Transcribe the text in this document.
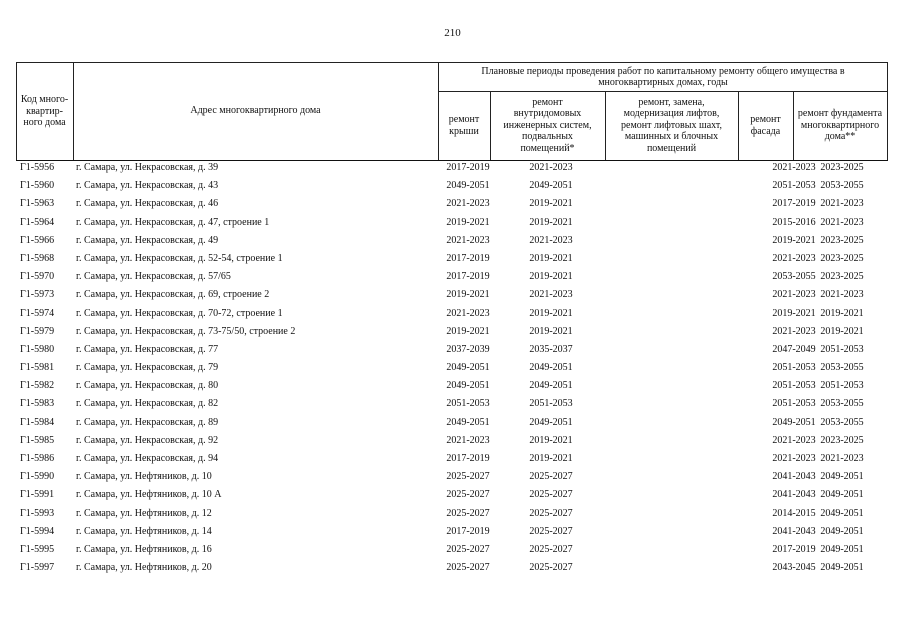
210
Код много-
квартир-
ного дома
Адрес многоквартирного дома
Плановые периоды проведения работ по капитальному ремонту общего имущества в многоквартирных домах, годы
ремонт
крыши
ремонт
внутридомовых
инженерных систем,
подвальных
помещений*
ремонт, замена,
модернизация лифтов,
ремонт лифтовых шахт,
машинных и блочных
помещений
ремонт
фасада
ремонт фундамента
многоквартирного
дома**
Г1-5956 г. Самара, ул. Некрасовская, д. 39	2017-2019	2021-2023	2021-2023 2023-2025
Г1-5960 г. Самара, ул. Некрасовская, д. 43	2049-2051	2049-2051	2051-2053 2053-2055
Г1-5963 г. Самара, ул. Некрасовская, д. 46	2021-2023	2019-2021	2017-2019 2021-2023
Г1-5964 г. Самара, ул. Некрасовская, д. 47, строение 1	2019-2021	2019-2021	2015-2016 2021-2023
Г1-5966 г. Самара, ул. Некрасовская, д. 49	2021-2023	2021-2023	2019-2021 2023-2025
Г1-5968 г. Самара, ул. Некрасовская, д. 52-54, строение 1	2017-2019	2019-2021	2021-2023 2023-2025
Г1-5970 г. Самара, ул. Некрасовская, д. 57/65	2017-2019	2019-2021	2053-2055 2023-2025
Г1-5973 г. Самара, ул. Некрасовская, д. 69, строение 2	2019-2021	2021-2023	2021-2023 2021-2023
Г1-5974 г. Самара, ул. Некрасовская, д. 70-72, строение 1	2021-2023	2019-2021	2019-2021 2019-2021
Г1-5979 г. Самара, ул. Некрасовская, д. 73-75/50, строение 2	2019-2021	2019-2021	2021-2023 2019-2021
Г1-5980 г. Самара, ул. Некрасовская, д. 77	2037-2039	2035-2037	2047-2049 2051-2053
Г1-5981 г. Самара, ул. Некрасовская, д. 79	2049-2051	2049-2051	2051-2053 2053-2055
Г1-5982 г. Самара, ул. Некрасовская, д. 80	2049-2051	2049-2051	2051-2053 2051-2053
Г1-5983 г. Самара, ул. Некрасовская, д. 82	2051-2053	2051-2053	2051-2053 2053-2055
Г1-5984 г. Самара, ул. Некрасовская, д. 89	2049-2051	2049-2051	2049-2051 2053-2055
Г1-5985 г. Самара, ул. Некрасовская, д. 92	2021-2023	2019-2021	2021-2023 2023-2025
Г1-5986 г. Самара, ул. Некрасовская, д. 94	2017-2019	2019-2021	2021-2023 2021-2023
Г1-5990 г. Самара, ул. Нефтяников, д. 10	2025-2027	2025-2027	2041-2043 2049-2051
Г1-5991 г. Самара, ул. Нефтяников, д. 10 А	2025-2027	2025-2027	2041-2043 2049-2051
Г1-5993 г. Самара, ул. Нефтяников, д. 12	2025-2027	2025-2027	2014-2015 2049-2051
Г1-5994 г. Самара, ул. Нефтяников, д. 14	2017-2019	2025-2027	2041-2043 2049-2051
Г1-5995 г. Самара, ул. Нефтяников, д. 16	2025-2027	2025-2027	2017-2019 2049-2051
Г1-5997 г. Самара, ул. Нефтяников, д. 20	2025-2027	2025-2027	2043-2045 2049-2051
